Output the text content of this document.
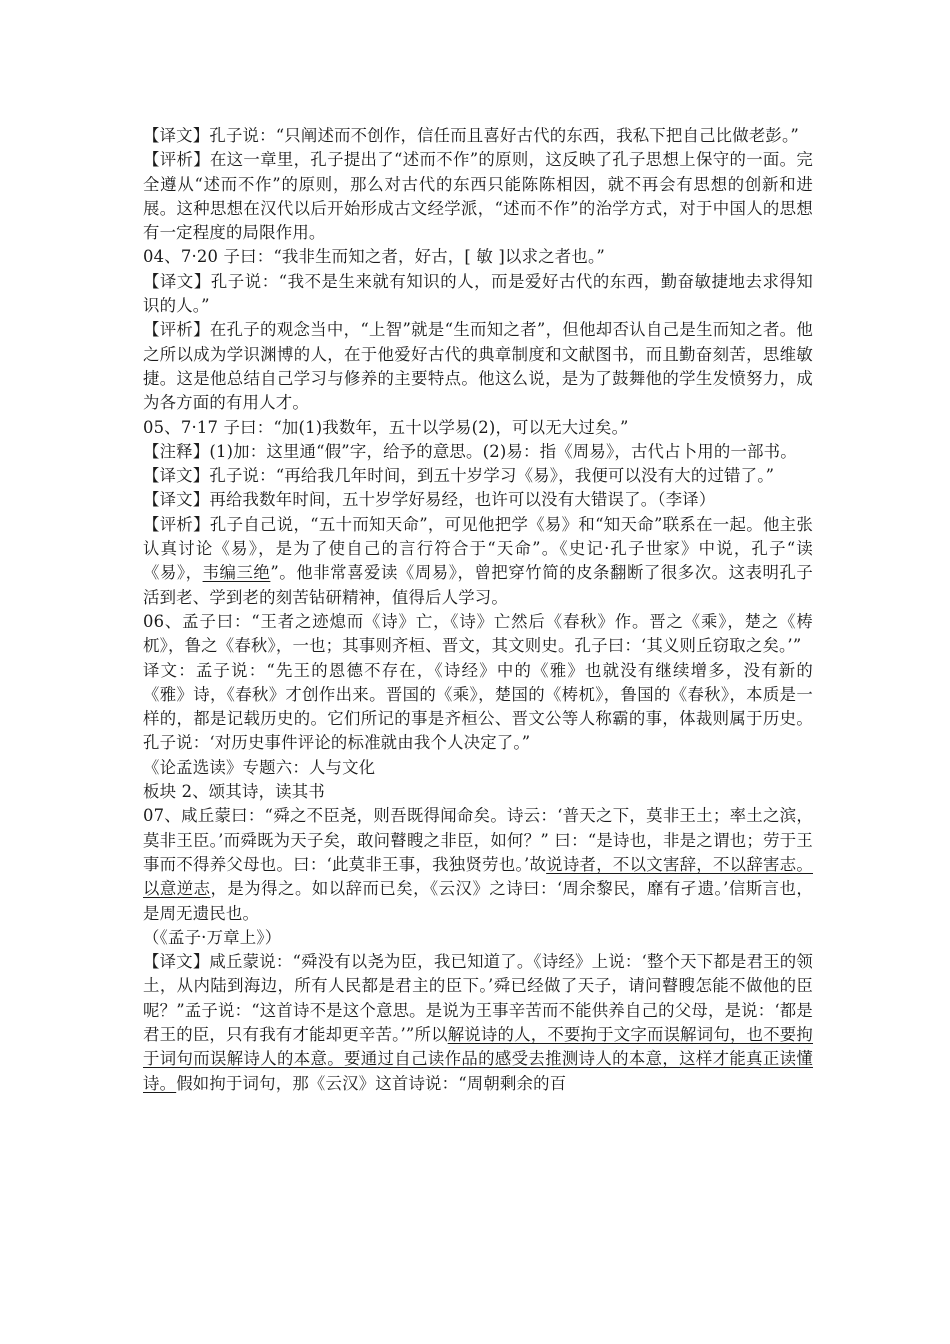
【译文】孔子说：“只阐述而不创作，信任而且喜好古代的东西，我私下把自己比做老彭。”

【评析】在这一章里，孔子提出了“述而不作”的原则，这反映了孔子思想上保守的一面。完全遵从“述而不作”的原则，那么对古代的东西只能陈陈相因，就不再会有思想的创新和进展。这种思想在汉代以后开始形成古文经学派，“述而不作”的治学方式，对于中国人的思想有一定程度的局限作用。

04、7·20 子曰：“我非生而知之者，好古，[ 敏 ]以求之者也。”

【译文】孔子说：“我不是生来就有知识的人，而是爱好古代的东西，勤奋敏捷地去求得知识的人。”

【评析】在孔子的观念当中，“上智”就是“生而知之者”，但他却否认自己是生而知之者。他之所以成为学识渊博的人，在于他爱好古代的典章制度和文献图书，而且勤奋刻苦，思维敏捷。这是他总结自己学习与修养的主要特点。他这么说，是为了鼓舞他的学生发愤努力，成为各方面的有用人才。

05、7·17 子曰：“加(1)我数年，五十以学易(2)，可以无大过矣。”

【注释】(1)加：这里通“假”字，给予的意思。(2)易：指《周易》，古代占卜用的一部书。

【译文】孔子说：“再给我几年时间，到五十岁学习《易》，我便可以没有大的过错了。”

【译文】再给我数年时间，五十岁学好易经，也许可以没有大错误了。（李译）

【评析】孔子自己说，“五十而知天命”，可见他把学《易》和“知天命”联系在一起。他主张认真讨论《易》，是为了使自己的言行符合于“天命”。《史记·孔子世家》中说，孔子“读《易》，韦编三绝”。他非常喜爱读《周易》，曾把穿竹简的皮条翻断了很多次。这表明孔子活到老、学到老的刻苦钻研精神，值得后人学习。

06、孟子曰：“王者之迹熄而《诗》亡，《诗》亡然后《春秋》作。晋之《乘》，楚之《梼杌》，鲁之《春秋》，一也；其事则齐桓、晋文，其文则史。孔子曰：‘其义则丘窃取之矣。’”

译文：孟子说：“先王的恩德不存在，《诗经》中的《雅》也就没有继续增多，没有新的《雅》诗，《春秋》才创作出来。晋国的《乘》，楚国的《梼杌》，鲁国的《春秋》，本质是一样的，都是记载历史的。它们所记的事是齐桓公、晋文公等人称霸的事，体裁则属于历史。孔子说：‘对历史事件评论的标准就由我个人决定了。”

《论孟选读》专题六：人与文化

板块 2、颂其诗，读其书

07、咸丘蒙曰：“舜之不臣尧，则吾既得闻命矣。诗云：‘普天之下，莫非王土；率土之滨，莫非王臣。’而舜既为天子矣，敢问瞽瞍之非臣，如何？” 曰：“是诗也，非是之谓也；劳于王事而不得养父母也。曰：‘此莫非王事，我独贤劳也。’故说诗者，不以文害辞，不以辞害志。以意逆志，是为得之。如以辞而已矣，《云汉》之诗曰：‘周余黎民，靡有孑遗。’信斯言也，是周无遗民也。

（《孟子·万章上》）

【译文】咸丘蒙说：“舜没有以尧为臣，我已知道了。《诗经》上说：‘整个天下都是君王的领土，从内陆到海边，所有人民都是君主的臣下。’舜已经做了天子，请问瞽瞍怎能不做他的臣呢？”孟子说：“这首诗不是这个意思。是说为王事辛苦而不能供养自己的父母，是说：‘都是君王的臣，只有我有才能却更辛苦。’”所以解说诗的人，不要拘于文字而误解词句，也不要拘于词句而误解诗人的本意。要通过自己读作品的感受去推测诗人的本意，这样才能真正读懂诗。假如拘于词句，那《云汉》这首诗说：“周朝剩余的百
